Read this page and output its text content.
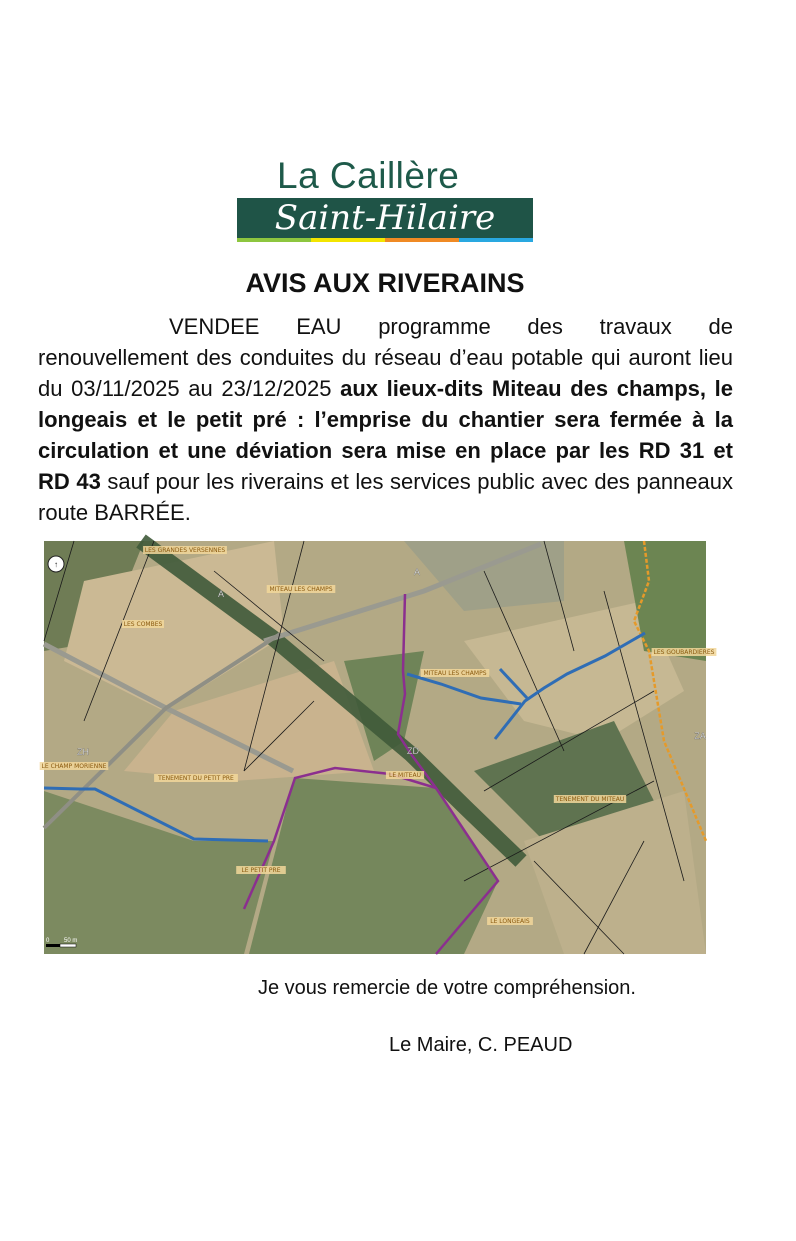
La Caillère
Saint-Hilaire
AVIS AUX RIVERAINS
VENDEE EAU programme des travaux de renouvellement des conduites du réseau d’eau potable qui auront lieu du 03/11/2025 au 23/12/2025 aux lieux-dits Miteau des champs, le longeais et le petit pré : l’emprise du chantier sera fermée à la circulation et une déviation sera mise en place par les RD 31 et RD 43 sauf pour les riverains et les services public avec des panneaux route BARRÉE.
↑
LES GRANDES VERSENNES
MITEAU LES CHAMPS
LES COMBES
MITEAU LES CHAMPS
LES GOUBARDIERES
LE CHAMP MORIENNE
TENEMENT DU PETIT PRE	LE MITEAU
TENEMENT DU MITEAU
LE PETIT PRE
LE LONGEAIS
ZH	ZD
A
A
ZA
0 50 m
Je vous remercie de votre compréhension.
Le Maire, C. PEAUD
